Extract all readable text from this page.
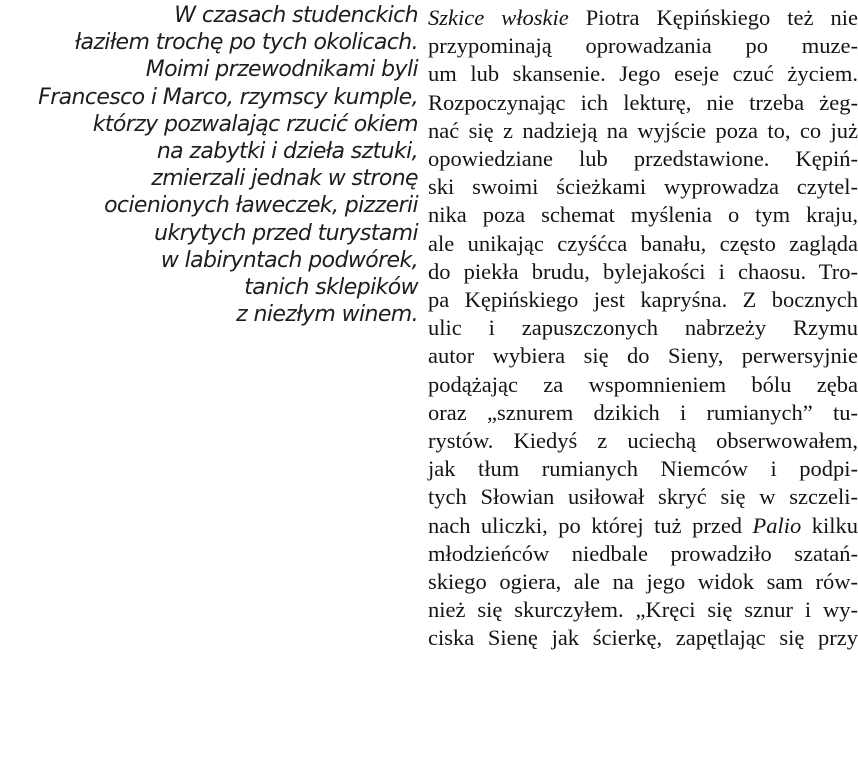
W czasach studenckich
łaziłem trochę po tych okolicach.
Moimi przewodnikami byli
Francesco i Marco, rzymscy kumple,
którzy pozwalając rzucić okiem
na zabytki i dzieła sztuki,
zmierzali jednak w stronę
ocienionych ławeczek, pizzerii
ukrytych przed turystami
w labiryntach podwórek,
tanich sklepików
z niezłym winem.
Szkice włoskie Piotra Kępińskiego też nie
przypominają oprowadzania po muze-
um lub skansenie. Jego eseje czuć życiem.
Rozpoczynając ich lekturę, nie trzeba żeg-
nać się z nadzieją na wyjście poza to, co już
opowiedziane lub przedstawione. Kępiń-
ski swoimi ścieżkami wyprowadza czytel-
nika poza schemat myślenia o tym kraju,
ale unikając czyśćca banału, często zagląda
do piekła brudu, bylejakości i chaosu. Tro-
pa Kępińskiego jest kapryśna. Z bocznych
ulic i zapuszczonych nabrzeży Rzymu
autor wybiera się do Sieny, perwersyjnie
podążając za wspomnieniem bólu zęba
oraz „sznurem dzikich i rumianych” tu-
rystów. Kiedyś z uciechą obserwowałem,
jak tłum rumianych Niemców i podpi-
tych Słowian usiłował skryć się w szczeli-
nach uliczki, po której tuż przed Palio kilku
młodzieńców niedbale prowadziło szatań-
skiego ogiera, ale na jego widok sam rów-
nież się skurczyłem. „Kręci się sznur i wy-
ciska Sienę jak ścierkę, zapętlając się przy
